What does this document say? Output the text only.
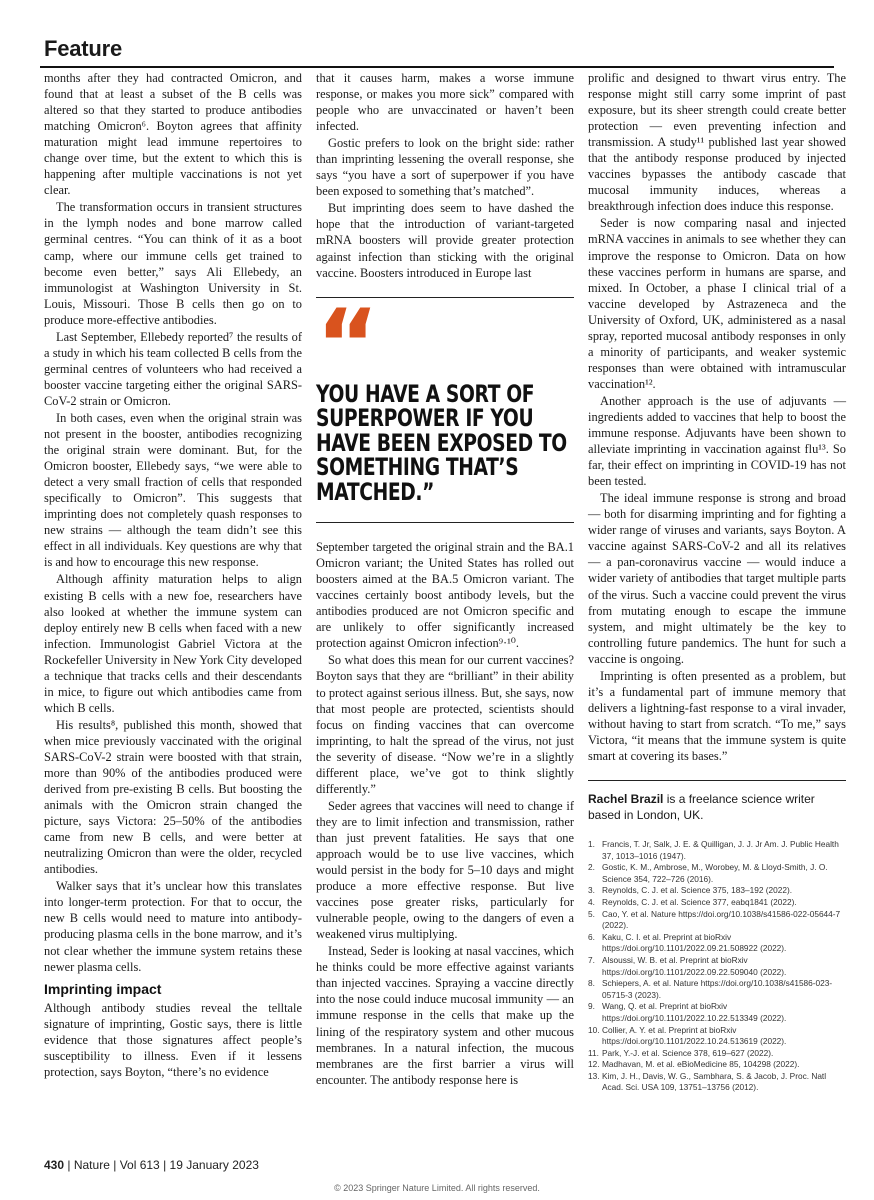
Feature

months after they had contracted Omicron, and found that at least a subset of the B cells was altered so that they started to produce antibodies matching Omicron⁶. Boyton agrees that affinity maturation might lead immune repertoires to change over time, but the extent to which this is happening after multiple vaccinations is not yet clear.

The transformation occurs in transient structures in the lymph nodes and bone marrow called germinal centres. “You can think of it as a boot camp, where our immune cells get trained to become even better,” says Ali Ellebedy, an immunologist at Washington University in St. Louis, Missouri. Those B cells then go on to produce more-effective antibodies.

Last September, Ellebedy reported⁷ the results of a study in which his team collected B cells from the germinal centres of volunteers who had received a booster vaccine targeting either the original SARS-CoV-2 strain or Omicron.

In both cases, even when the original strain was not present in the booster, antibodies recognizing the original strain were dominant. But, for the Omicron booster, Ellebedy says, “we were able to detect a very small fraction of cells that responded specifically to Omicron”. This suggests that imprinting does not completely quash responses to new strains — although the team didn’t see this effect in all individuals. Key questions are why that is and how to encourage this new response.

Although affinity maturation helps to align existing B cells with a new foe, researchers have also looked at whether the immune system can deploy entirely new B cells when faced with a new infection. Immunologist Gabriel Victora at the Rockefeller University in New York City developed a technique that tracks cells and their descendants in mice, to figure out which antibodies came from which B cells.

His results⁸, published this month, showed that when mice previously vaccinated with the original SARS-CoV-2 strain were boosted with that strain, more than 90% of the antibodies produced were derived from pre-existing B cells. But boosting the animals with the Omicron strain changed the picture, says Victora: 25–50% of the antibodies came from new B cells, and were better at neutralizing Omicron than were the older, recycled antibodies.

Walker says that it’s unclear how this translates into longer-term protection. For that to occur, the new B cells would need to mature into antibody-producing plasma cells in the bone marrow, and it’s not clear whether the immune system retains these newer plasma cells.

Imprinting impact

Although antibody studies reveal the telltale signature of imprinting, Gostic says, there is little evidence that those signatures affect people’s susceptibility to illness. Even if it lessens protection, says Boyton, “there’s no evidence

that it causes harm, makes a worse immune response, or makes you more sick” compared with people who are unvaccinated or haven’t been infected.

Gostic prefers to look on the bright side: rather than imprinting lessening the overall response, she says “you have a sort of superpower if you have been exposed to something that’s matched”.

But imprinting does seem to have dashed the hope that the introduction of variant-targeted mRNA boosters will provide greater protection against infection than sticking with the original vaccine. Boosters introduced in Europe last

“
YOU HAVE A SORT OF SUPERPOWER IF YOU HAVE BEEN EXPOSED TO SOMETHING THAT’S MATCHED.”

September targeted the original strain and the BA.1 Omicron variant; the United States has rolled out boosters aimed at the BA.5 Omicron variant. The vaccines certainly boost antibody levels, but the antibodies produced are not Omicron specific and are unlikely to offer significantly increased protection against Omicron infection⁹·¹⁰.

So what does this mean for our current vaccines? Boyton says that they are “brilliant” in their ability to protect against serious illness. But, she says, now that most people are protected, scientists should focus on finding vaccines that can overcome imprinting, to halt the spread of the virus, not just the severity of disease. “Now we’re in a slightly different place, we’ve got to think slightly differently.”

Seder agrees that vaccines will need to change if they are to limit infection and transmission, rather than just prevent fatalities. He says that one approach would be to use live vaccines, which would persist in the body for 5–10 days and might produce a more effective response. But live vaccines pose greater risks, particularly for vulnerable people, owing to the dangers of even a weakened virus multiplying.

Instead, Seder is looking at nasal vaccines, which he thinks could be more effective against variants than injected vaccines. Spraying a vaccine directly into the nose could induce mucosal immunity — an immune response in the cells that make up the lining of the respiratory system and other mucous membranes. In a natural infection, the mucous membranes are the first barrier a virus will encounter. The antibody response here is

prolific and designed to thwart virus entry. The response might still carry some imprint of past exposure, but its sheer strength could create better protection — even preventing infection and transmission. A study¹¹ published last year showed that the antibody response produced by injected vaccines bypasses the antibody cascade that mucosal immunity induces, whereas a breakthrough infection does induce this response.

Seder is now comparing nasal and injected mRNA vaccines in animals to see whether they can improve the response to Omicron. Data on how these vaccines perform in humans are sparse, and mixed. In October, a phase I clinical trial of a vaccine developed by Astrazeneca and the University of Oxford, UK, administered as a nasal spray, reported mucosal antibody responses in only a minority of participants, and weaker systemic responses than were obtained with intramuscular vaccination¹².

Another approach is the use of adjuvants — ingredients added to vaccines that help to boost the immune response. Adjuvants have been shown to alleviate imprinting in vaccination against flu¹³. So far, their effect on imprinting in COVID-19 has not been tested.

The ideal immune response is strong and broad — both for disarming imprinting and for fighting a wider range of viruses and variants, says Boyton. A vaccine against SARS-CoV-2 and all its relatives — a pan-coronavirus vaccine — would induce a wider variety of antibodies that target multiple parts of the virus. Such a vaccine could prevent the virus from mutating enough to escape the immune system, and might ultimately be the key to controlling future pandemics. The hunt for such a vaccine is ongoing.

Imprinting is often presented as a problem, but it’s a fundamental part of immune memory that delivers a lightning-fast response to a viral invader, without having to start from scratch. “To me,” says Victora, “it means that the immune system is quite smart at covering its bases.”

Rachel Brazil is a freelance science writer based in London, UK.
1. Francis, T. Jr, Salk, J. E. & Quilligan, J. J. Jr Am. J. Public Health 37, 1013–1016 (1947).
2. Gostic, K. M., Ambrose, M., Worobey, M. & Lloyd-Smith, J. O. Science 354, 722–726 (2016).
3. Reynolds, C. J. et al. Science 375, 183–192 (2022).
4. Reynolds, C. J. et al. Science 377, eabq1841 (2022).
5. Cao, Y. et al. Nature https://doi.org/10.1038/s41586-022-05644-7 (2022).
6. Kaku, C. I. et al. Preprint at bioRxiv https://doi.org/10.1101/2022.09.21.508922 (2022).
7. Alsoussi, W. B. et al. Preprint at bioRxiv https://doi.org/10.1101/2022.09.22.509040 (2022).
8. Schiepers, A. et al. Nature https://doi.org/10.1038/s41586-023-05715-3 (2023).
9. Wang, Q. et al. Preprint at bioRxiv https://doi.org/10.1101/2022.10.22.513349 (2022).
10. Collier, A. Y. et al. Preprint at bioRxiv https://doi.org/10.1101/2022.10.24.513619 (2022).
11. Park, Y.-J. et al. Science 378, 619–627 (2022).
12. Madhavan, M. et al. eBioMedicine 85, 104298 (2022).
13. Kim, J. H., Davis, W. G., Sambhara, S. & Jacob, J. Proc. Natl Acad. Sci. USA 109, 13751–13756 (2012).
430 | Nature | Vol 613 | 19 January 2023
© 2023 Springer Nature Limited. All rights reserved.
